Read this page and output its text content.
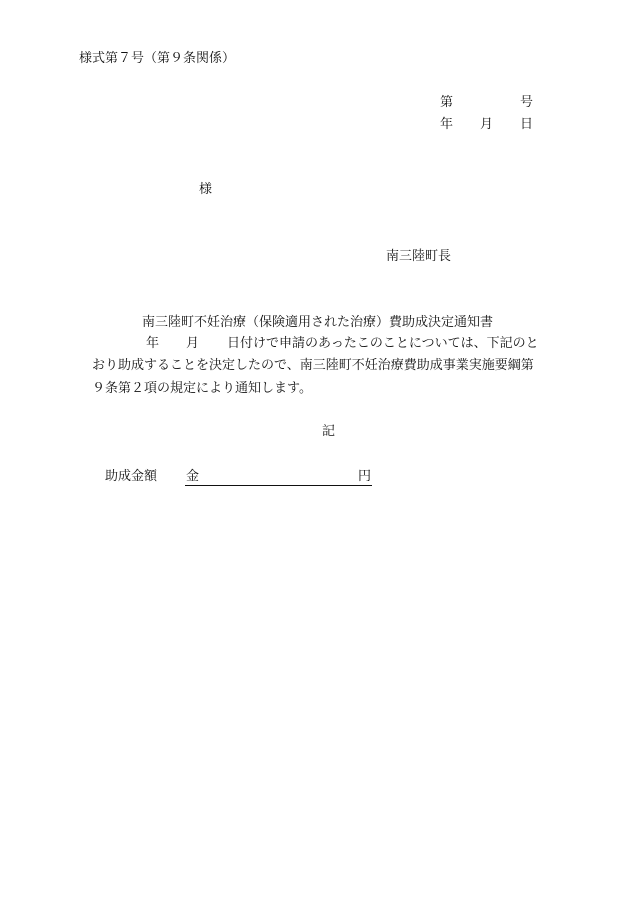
様式第７号（第９条関係）
第	号
年 月 日
様
南三陸町長
南三陸町不妊治療（保険適用された治療）費助成決定通知書
年 月 日付けで申請のあったこのことについては、下記のと
おり助成することを決定したので、南三陸町不妊治療費助成事業実施要綱第
９条第２項の規定により通知します。
記
助成金額 金	円
